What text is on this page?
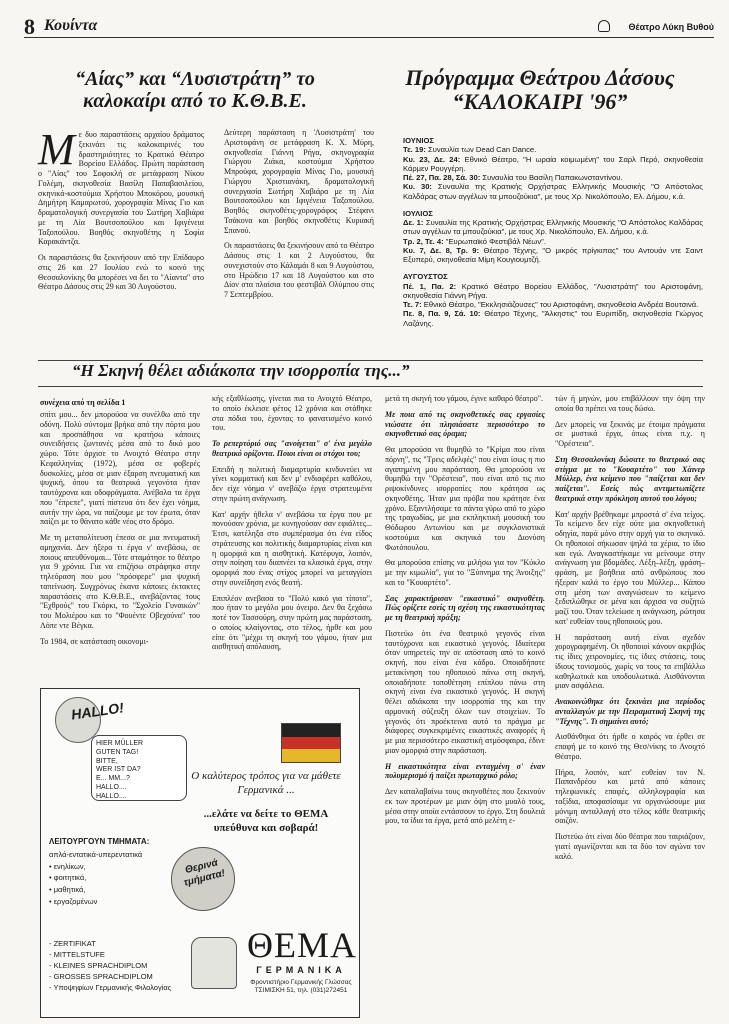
8 Κουίντα	Θέατρο Λύκη Βυθού
“Αίας” και “Λυσιστράτη” το καλοκαίρι από το Κ.Θ.Β.Ε.

Με δυο παραστάσεις αρχαίου δράματος ξεκινάει τις καλοκαιρινές του δραστηριότητες το Κρατικό Θέατρο Βορείου Ελλάδος. Πρώτη παράσταση ο "Αίας" του Σοφοκλή σε μετάφραση Νίκου Γολέμη, σκηνοθεσία Βασίλη Παπαβασιλείου, σκηνικά-κοστούμια Χρήστου Μποκόρου, μουσική Δημήτρη Καμαρωτού, χορογραφία Μίνας Γιο και δραματολογική συνεργασία του Σωτήρη Χαβιάρα με τη Λία Βουτσοπούλου και Ιφιγένεια Ταξοπούλου. Βοηθός σκηνοθέτης η Σοφία Καρακάντζα.

Οι παραστάσεις θα ξεκινήσουν από την Επίδαυρο στις 26 και 27 Ιουλίου ενώ το κοινό της Θεσσαλονίκης θα μπορέσει να δει το "Αίαντα" στο Θέατρο Δάσους στις 29 και 30 Αυγούστου.

Δεύτερη παράσταση η 'Λυσιστράτη' του Αριστοφάνη σε μετάφραση Κ. Χ. Μύρη, σκηνοθεσία Γιάννη Ρήγα, σκηνογραφία Γιώργου Ζιάκα, κοστούμια Χρήστου Μπρούφα, χορογραφία Μίνας Γιο, μουσική Γιώργου Χριστιανάκη, δραματολογική συνεργασία Σωτήρη Χαβιάρα με τη Λία Βουτσοπούλου και Ιφιγένεια Ταξοπούλου. Βοηθός σκηνοθέτις-χορογράφος Στέφανι Τσάκονα και βοηθός σκηνοθέτις Κυριακή Σπανού.

Οι παραστάσεις θα ξεκινήσουν από το Θέατρο Δάσους στις 1 και 2 Αυγούστου, θα συνεχιστούν στο Κάλαμάι 8 και 9 Αυγούστου, στο Ηρώδειο 17 και 18 Αυγούστου και στο Δίον στα πλαίσια του φεστιβάλ Ολύμπου στις 7 Σεπτεμβρίου.

Πρόγραμμα Θεάτρου Δάσους
“ΚΑΛΟΚΑΙΡΙ '96”
ΙΟΥΝΙΟΣ
Τε. 19: Συναυλία των Dead Can Dance.
Κυ. 23, Δε. 24: Εθνικό Θέατρο, "Η ωραία κοιμωμένη" του Σαρλ Περό, σκηνοθεσία Κάρμεν Ρουγγέρη.
Πέ. 27, Πα. 28, Σά. 30: Συναυλία του Βασίλη Παπακωνσταντίνου.
Κυ. 30: Συναυλία της Κρατικής Ορχήστρας Ελληνικής Μουσικής "Ο Απόστολος Καλδάρας στων αγγέλων τα μπουζούκια", με τους Χρ. Νικολόπουλο, Ελ. Δήμου, κ.ά.
ΙΟΥΛΙΟΣ
Δε. 1: Συναυλία της Κρατικής Ορχήστρας Ελληνικής Μουσικής "Ο Απόστολος Καλδάρας στων αγγέλων τα μπουζούκια", με τους Χρ. Νικολόπουλο, Ελ. Δήμου, κ.ά.
Τρ. 2, Τε. 4: "Ευρωπαϊκό Φεστιβάλ Νέων".
Κυ. 7, Δε. 8, Τρ. 9: Θέατρο Τέχνης, "Ο μικρός πρίγκιπας" του Αντουάν ντε Σαιντ Εξυπερύ, σκηνοθεσία Μίμη Κουγιουμτζή.
ΑΥΓΟΥΣΤΟΣ
Πέ. 1, Πα. 2: Κρατικό Θέατρο Βορείου Ελλάδος, "Λυσιστράτη" του Αριστοφάνη, σκηνοθεσία Γιάννη Ρήγα.
Τε. 7: Εθνικό Θέατρο, "Εκκλησιάζουσες" του Αριστοφάνη, σκηνοθεσία Ανδρέα Βουτσινά.
Πε. 8, Πα. 9, Σά. 10: Θέατρο Τέχνης, "Άλκηστις" του Ευριπίδη, σκηνοθεσία Γιώργος Λαζάνης.
“Η Σκηνή θέλει αδιάκοπα την ισορροπία της...”
συνέχεια από τη σελίδα 1

σπίτι μου... δεν μπορούσα να συνέλθω από την οδύνη. Πολύ σύντομα βρήκα από την πόρτα μου και προσπάθησα να κρατήσω κάποιες συνειδήσεις ζωντανές μέσα από το δικό μου χώρο. Τότε άρχισε το Ανοιχτό Θέατρο στην Κεφαλληνίας (1972), μέσα σε φοβερές δυσκολίες, μέσα σε μιαν έξαρση πνευματική και ψυχική, όπου τα θεατρικά γεγονότα ήταν ταυτόχρονα και οδοφράγματα. Ανέβαλα τα έργα που "έπρεπε", γιατί πίστευα ότι δεν έχει νόημα, αυτήν την ώρα, να παίζουμε με τον έρωτα, όταν παίζει με το θάνατο κάθε νέος στο δρόμο.

Με τη μεταπολίτευση έπεσα σε μια πνευματική αμηχανία. Δεν ήξερα τι έργα ν' ανεβάσω, σε ποιους απευθύνομαι... Τότε σταμάτησε το θέατρο για 9 χρόνια. Για να επιζήσω στράφηκα στην τηλεόραση που μου "πρόσφερε" μια ψυχική ταπείνωση. Συγχρόνως έκανα κάποιες έκτακτες παραστάσεις στο Κ.Θ.Β.Ε., ανεβάζοντας τους "Εχθρούς" του Γκόρκι, το "Σχολείο Γυναικών" του Μολιέρου και το "Φουέντε Οβεχούνα" του Λόπε ντε Βέγκα.

Το 1984, σε κατάσταση οικονομι-

κής εξαθλίωσης, γίνεται πια το Ανοιχτό Θέατρο, το οποίο έκλεισε φέτος 12 χρόνια και στάθηκε στα πόδια του, έχοντας το φανατισμένο κοινό του.

Το ρεπερτόριό σας "ανοίγεται" σ' ένα μεγάλο θεατρικό ορίζοντα. Ποιοι είναι οι στόχοι του;

Επειδή η πολιτική διαμαρτυρία κινδυνεύει να γίνει κομματική και δεν μ' ενδιαφέρει καθόλου, δεν είχε νόημα ν' ανεβάζω έργα στρατευμένα στην πρώτη ανάγνωση.

Κατ' αρχήν ήθελα ν' ανεβάσω τα έργα που με πονούσαν χρόνια, με κυνηγούσαν σαν εφιάλτες... Έτσι, κατέληξα στο συμπέρασμα ότι ένα είδος στράτευσης και πολιτικής διαμαρτυρίας είναι και η ομορφιά και η αισθητική. Κατέφυγα, λοιπόν, στην ποίηση του διαπνέει τα κλασικά έργα, στην ομορφιά που ένας στίχος μπορεί να μεταγγίσει στην συνείδηση ενός θεατή.

Επιπλέον ανεβασα το "Πολύ κακό για τίποτα", που ήταν το μεγάλο μου όνειρο. Δεν θα ξεχάσω ποτέ τον Τασσούρη, στην πρώτη μας παράσταση, ο οποίος κλαίγοντας, στο τέλος, ήρθε και μου είπε ότι "μέχρι τη σκηνή του γάμου, ήταν μια αισθητική απόλαυση,

μετά τη σκηνή του γάμου, έγινε καθαρό θέατρο".

Με ποια από τις σκηνοθετικές σας εργασίες νιώσατε ότι πλησιάσατε περισσότερο το σκηνοθετικό σας όραμα;

Θα μπορούσα να θυμηθώ το "Κρίμα που είναι πόρνη", τις "Τρεις αδελφές" που είναι ίσως η πιο αγαπημένη μου παράσταση. Θα μπορούσα να θυμηθώ την "Ορέστεια", που είναι από τις πιο ριψοκίνδυνες ισορροπίες που κράτησα ως σκηνοθέτης. Ήταν μια πρόβα που κράτησε ένα χρόνο. Εξαντλήσαμε τα πάντα γύρω από το χώρο της τραγωδίας, με μια εκπληκτική μουσική του Θόδωρου Αντωνίου και με συγκλονιστικά κοστούμια και σκηνικά του Διονύση Φωτόπουλου.

Θα μπορούσα επίσης να μιλήσω για τον "Κύκλο με την κιμωλία", για το "Ξύπνημα της Άνοιξης" και το "Κουαρτέτο".

Σας χαρακτήρισαν "εικαστικό" σκηνοθέτη. Πώς ορίζετε εσείς τη σχέση της εικαστικότητας με τη θεατρική πράξη;

Πιστεύω ότι ένα θεατρικό γεγονός είναι ταυτόχρονα και εικαστικό γεγονός. Ιδιαίτερα όταν υπηρετείς την σε απόσταση από το κοινό σκηνή, που είναι ένα κάδρο. Οποιαδήποτε μετακίνηση του ηθοποιού πάνω στη σκηνή, οποιαδήποτε τοποθέτηση επίπλου πάνω στη σκηνή είναι ένα εικαστικό γεγονός. Η σκηνή θέλει αδιάκοπα την ισορροπία της και την αρμονική σύζευξη όλων των στοιχείων. Το γεγονός ότι προέκτεινα αυτό το πράγμα με διάφορες συγκεκριμένες εικαστικές αναφορές ή με μια περισσότερο εικαστική ατμόσφαιρα, έδινε μιαν ομορφιά στην παράσταση.

Η εικαστικότητα είναι ενταγμένη σ' έναν πολυμερισμό ή παίζει πρωταρχικό ρόλο;

Δεν καταλαβαίνω τους σκηνοθέτες που ξεκινούν εκ των προτέρων με μιαν όψη στο μυαλό τους, μέσα στην οποία εντάσσουν το έργο. Στη δουλειά μου, τα ίδια τα έργα, μετά από μελέτη ε-

τών ή μηνών, μου επιβάλλουν την όψη την οποία θα πρέπει να τους δώσω.

Δεν μπορείς να ξεκινάς με έτοιμα πράγματα σε μυστικά έργα, όπως είναι π.χ. η "Ορέστεια".

Στη Θεσσαλονίκη δώσατε το θεατρικό σας στίγμα με το "Κουαρτέτο" του Χάινερ Μύλλερ, ένα κείμενο που "παίζεται και δεν παίζεται". Εσείς πώς αντιμετωπίζετε θεατρικά στην πρόκληση αυτού του λόγου;

Κατ' αρχήν βρέθηκαμε μπροστά σ' ένα τείχος. Το κείμενο δεν είχε ούτε μια σκηνοθετική οδηγία, παρά μόνο στην αρχή για το σκηνικό. Οι ηθοποιοί σήκωσαν ψηλά τα χέρια, το ίδιο και εγώ. Αναγκαστήκαμε να μείνουμε στην ανάγνωση για βδομάδες. Λέξη–λέξη, φράση–φράση, με βοήθεια από ανθρώπους που ήξεραν καλά το έργο του Μύλλερ... Κάπου στη μέση των αναγνώσεων το κείμενο ξεδιπλώθηκε σε μένα και άρχισα να συζητώ μαζί του. Όταν τελείωσε η ανάγνωση, ρώτησα κατ' ευθείαν τους ηθοποιούς μου.

Η παράσταση αυτή είναι σχεδόν χορογραφημένη. Οι ηθοποιοί κάνουν ακριβώς τις ίδιες χειρονομίες, τις ίδιες στάσεις, τους ίδιους τονισμούς, χωρίς να τους τα επιβάλλω καθηλωτικά και υποδουλωτικά. Αισθάνονται μιαν ασφάλεια.

Ανακοινώθηκε ότι ξεκινάει μια περίοδος ανταλλαγών με την Πειραματική Σκηνή της "Τέχνης". Τι σημαίνει αυτό;

Αισθάνθηκα ότι ήρθε ο καιρός να έρθει σε επαφή με το κοινό της Θεσ/νίκης το Ανοιχτό Θέατρο.

Πήρα, λοιπόν, κατ' ευθείαν τον Ν. Παπανδρέου και μετά από κάποιες τηλεφωνικές επαφές, αλληλογραφία και ταξίδια, αποφασίσαμε να οργανώσουμε μια μόνιμη ανταλλαγή στο τέλος κάθε θεατρικής σαιζόν.

Πιστεύω ότι είναι δύο θέατρα που ταιριάζουν, γιατί αγωνίζονται και τα δύο τον αγώνα τον καλό.

HALLO!
HIER MÜLLER
GUTEN TAG!
BITTE,
WER IST DA?
E... MM...?
HALLO....
HALLO....
Ο καλύτερος τρόπος για να μάθετε Γερμανικά ...
...ελάτε να δείτε το ΘΕΜΑ υπεύθυνα και σοβαρά!
ΛΕΙΤΟΥΡΓΟΥΝ ΤΜΗΜΑΤΑ:
απλά-εντατικά-υπερεντατικά
• ενηλίκων,
• φοιτητικά,
• μαθητικά,
• εργαζομένων
Θερινά τμήματα!
- ZERTIFIKAT
- MITTELSTUFE
- KLEINES SPRACHDIPLOM
- GROSSES SPRACHDIPLOM
- Υποψηφίων Γερμανικής Φιλολογίας
ΘΕΜΑ
ΓΕΡΜΑΝΙΚΑ
Φροντιστήριο Γερμανικής Γλώσσας
ΤΣΙΜΙΣΚΗ 51, τηλ. (031)272451
